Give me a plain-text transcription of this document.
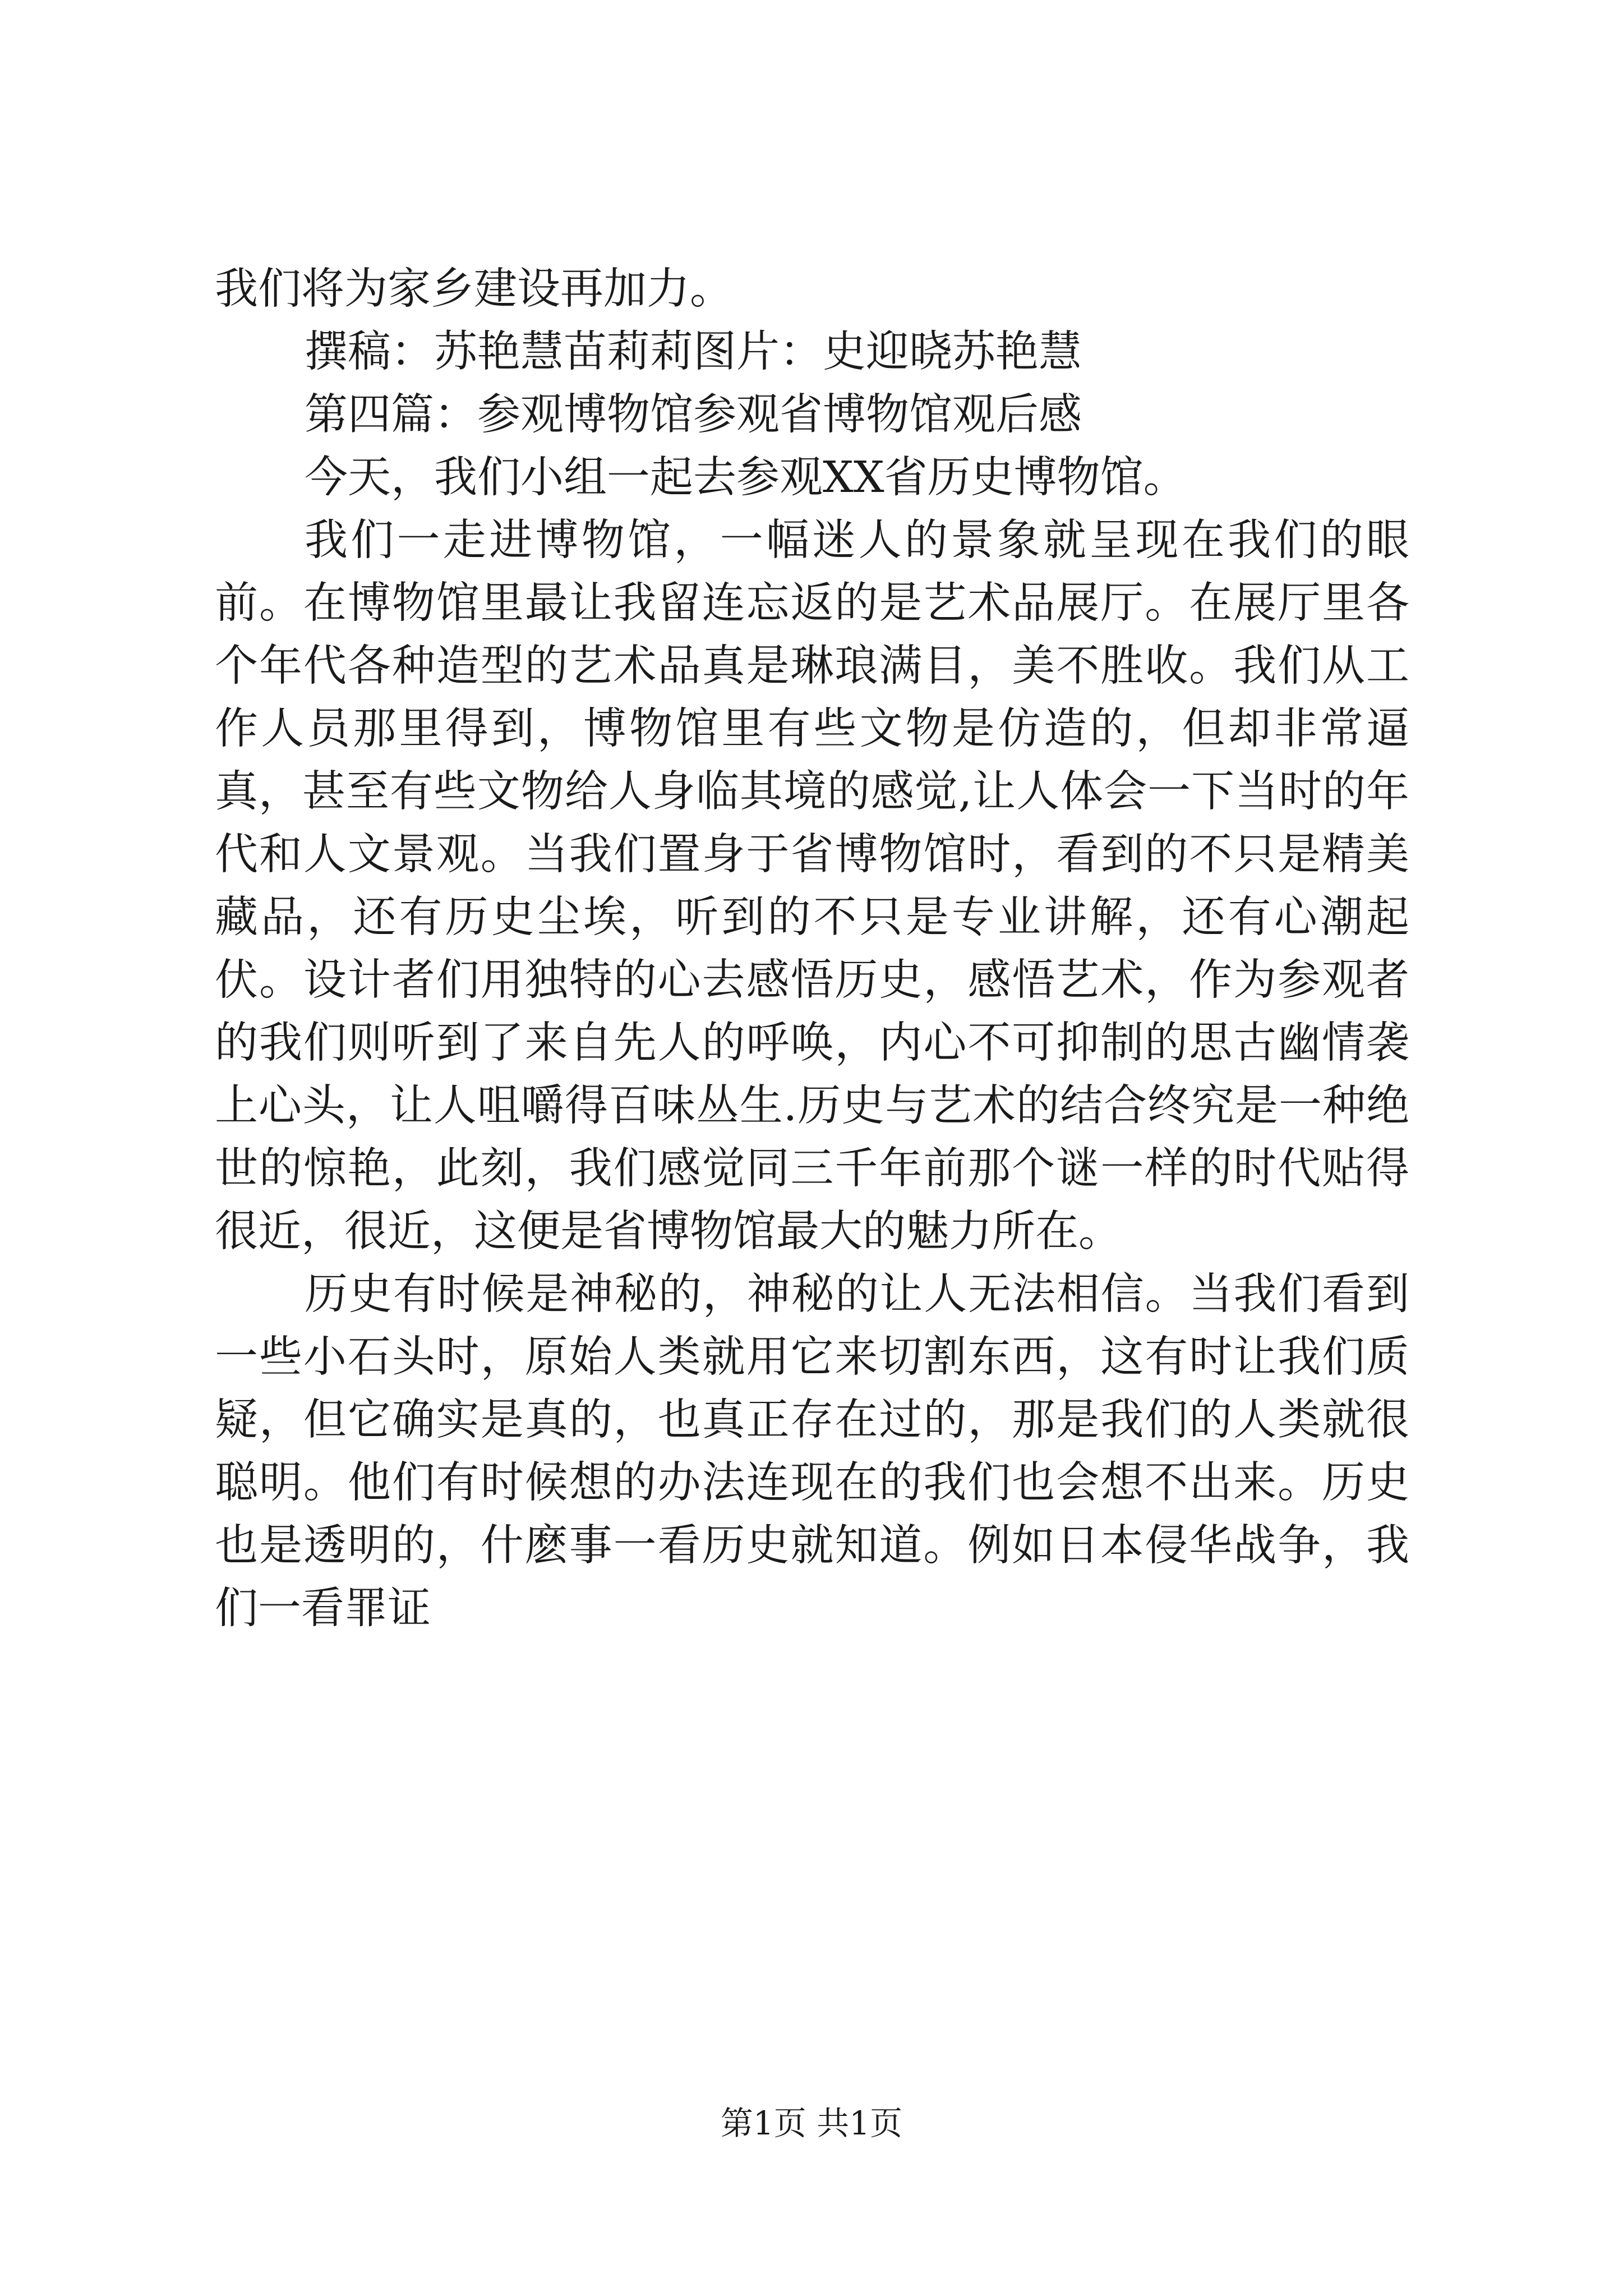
我们将为家乡建设再加力。

撰稿：苏艳慧苗莉莉图片：史迎晓苏艳慧

第四篇：参观博物馆参观省博物馆观后感

今天，我们小组一起去参观XX省历史博物馆。

我们一走进博物馆，一幅迷人的景象就呈现在我们的眼前。在博物馆里最让我留连忘返的是艺术品展厅。在展厅里各个年代各种造型的艺术品真是琳琅满目，美不胜收。我们从工作人员那里得到，博物馆里有些文物是仿造的，但却非常逼真，甚至有些文物给人身临其境的感觉,让人体会一下当时的年代和人文景观。当我们置身于省博物馆时，看到的不只是精美藏品，还有历史尘埃，听到的不只是专业讲解，还有心潮起伏。设计者们用独特的心去感悟历史，感悟艺术，作为参观者的我们则听到了来自先人的呼唤，内心不可抑制的思古幽情袭上心头，让人咀嚼得百味丛生.历史与艺术的结合终究是一种绝世的惊艳，此刻，我们感觉同三千年前那个谜一样的时代贴得很近，很近，这便是省博物馆最大的魅力所在。

历史有时候是神秘的，神秘的让人无法相信。当我们看到一些小石头时，原始人类就用它来切割东西，这有时让我们质疑，但它确实是真的，也真正存在过的，那是我们的人类就很聪明。他们有时候想的办法连现在的我们也会想不出来。历史也是透明的，什麽事一看历史就知道。例如日本侵华战争，我们一看罪证

第1页 共1页
